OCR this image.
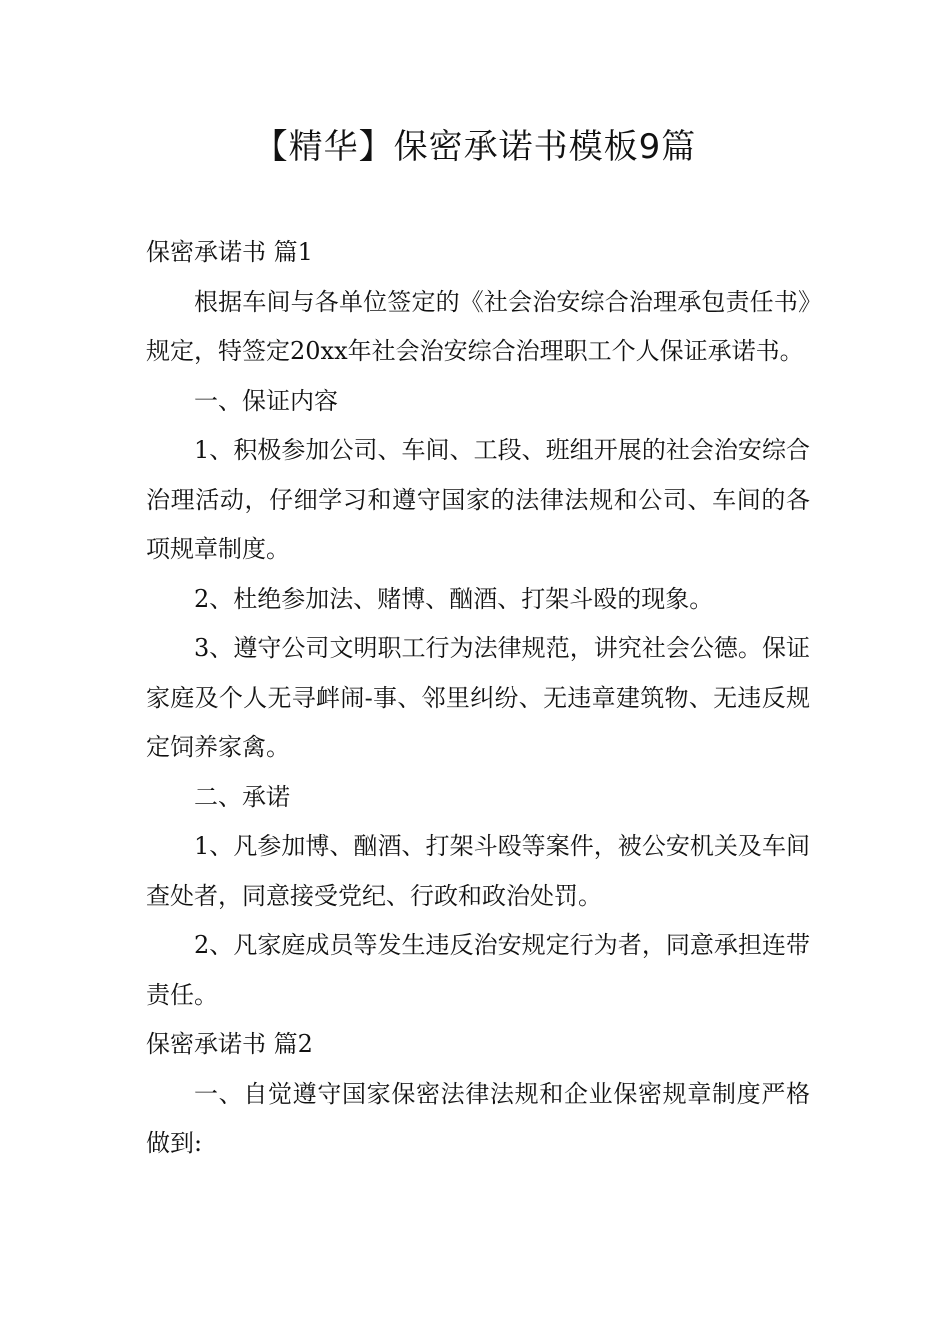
【精华】保密承诺书模板9篇

保密承诺书 篇1

根据车间与各单位签定的《社会治安综合治理承包责任书》规定，特签定20xx年社会治安综合治理职工个人保证承诺书。

一、保证内容

1、积极参加公司、车间、工段、班组开展的社会治安综合治理活动，仔细学习和遵守国家的法律法规和公司、车间的各项规章制度。

2、杜绝参加法、赌博、酗酒、打架斗殴的现象。

3、遵守公司文明职工行为法律规范，讲究社会公德。保证家庭及个人无寻衅闹-事、邻里纠纷、无违章建筑物、无违反规定饲养家禽。

二、承诺

1、凡参加博、酗酒、打架斗殴等案件，被公安机关及车间查处者，同意接受党纪、行政和政治处罚。

2、凡家庭成员等发生违反治安规定行为者，同意承担连带责任。

保密承诺书 篇2

一、自觉遵守国家保密法律法规和企业保密规章制度严格做到:
